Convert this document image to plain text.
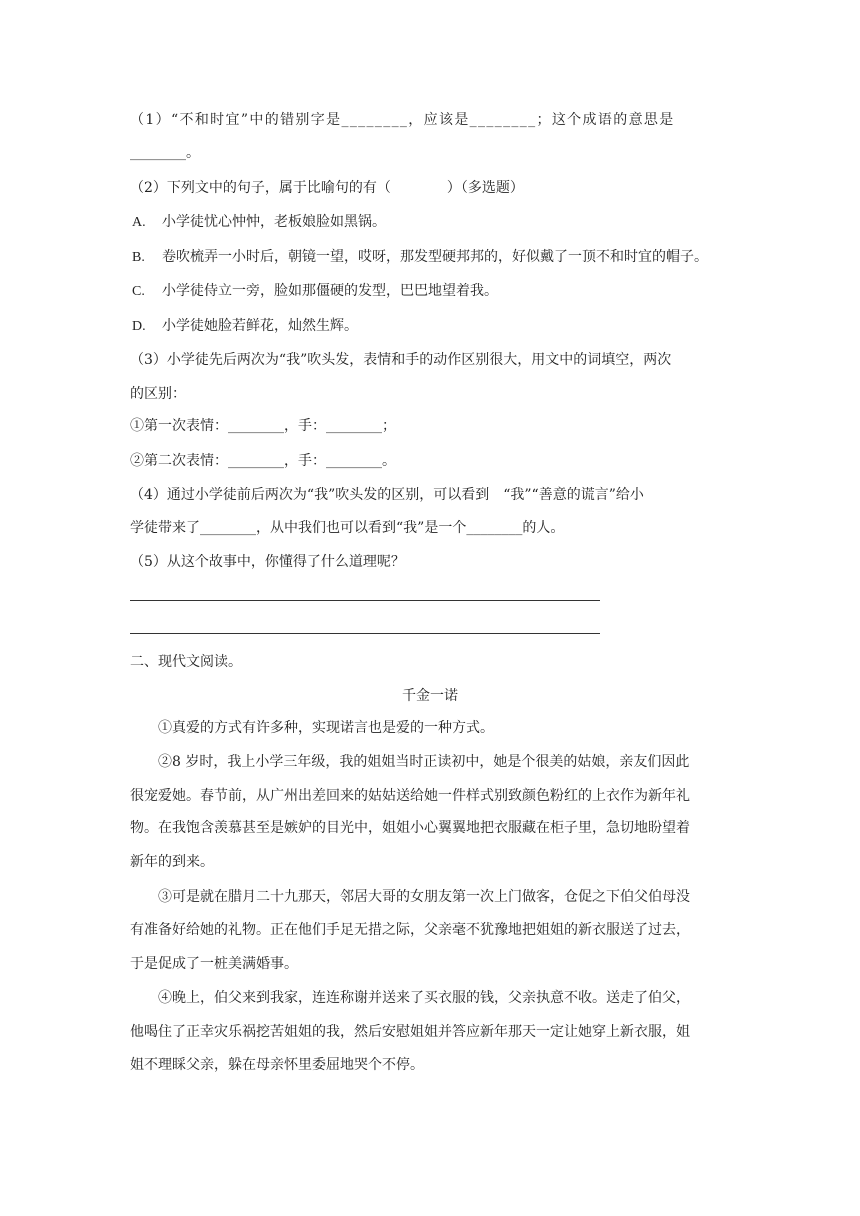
（1）“不和时宜”中的错别字是________，应该是________；这个成语的意思是
________。
（2）下列文中的句子，属于比喻句的有（　　　　）（多选题）
A. 小学徒忧心忡忡，老板娘脸如黑锅。
B. 卷吹梳弄一小时后，朝镜一望，哎呀，那发型硬邦邦的，好似戴了一顶不和时宜的帽子。
C. 小学徒侍立一旁，脸如那僵硬的发型，巴巴地望着我。
D. 小学徒她脸若鲜花，灿然生辉。
（3）小学徒先后两次为“我”吹头发，表情和手的动作区别很大，用文中的词填空，两次
的区别：
①第一次表情：________，手：________；
②第二次表情：________，手：________。
（4）通过小学徒前后两次为“我”吹头发的区别，可以看到　“我”“善意的谎言”给小
学徒带来了________，从中我们也可以看到“我”是一个________的人。
（5）从这个故事中，你懂得了什么道理呢？
二、现代文阅读。
千金一诺
①真爱的方式有许多种，实现诺言也是爱的一种方式。
②8 岁时，我上小学三年级，我的姐姐当时正读初中，她是个很美的姑娘，亲友们因此
很宠爱她。春节前，从广州出差回来的姑姑送给她一件样式别致颜色粉红的上衣作为新年礼
物。在我饱含羡慕甚至是嫉妒的目光中，姐姐小心翼翼地把衣服藏在柜子里，急切地盼望着
新年的到来。
③可是就在腊月二十九那天，邻居大哥的女朋友第一次上门做客，仓促之下伯父伯母没
有准备好给她的礼物。正在他们手足无措之际，父亲毫不犹豫地把姐姐的新衣服送了过去，
于是促成了一桩美满婚事。
④晚上，伯父来到我家，连连称谢并送来了买衣服的钱，父亲执意不收。送走了伯父，
他喝住了正幸灾乐祸挖苦姐姐的我，然后安慰姐姐并答应新年那天一定让她穿上新衣服，姐
姐不理睬父亲，躲在母亲怀里委屈地哭个不停。
